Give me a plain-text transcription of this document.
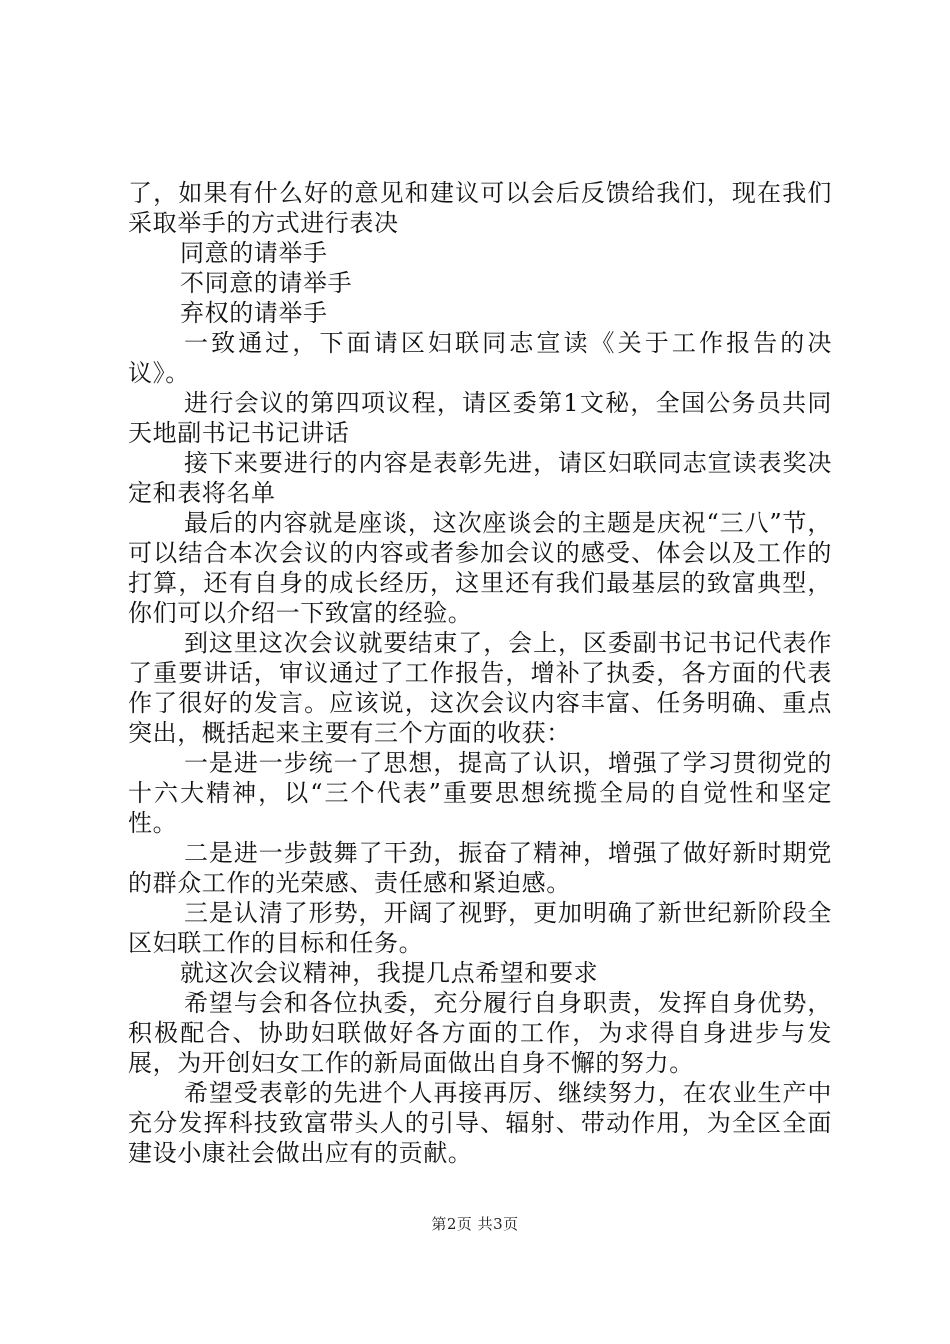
了，如果有什么好的意见和建议可以会后反馈给我们，现在我们采取举手的方式进行表决

同意的请举手

不同意的请举手

弃权的请举手

一致通过，下面请区妇联同志宣读《关于工作报告的决议》。

进行会议的第四项议程，请区委第1文秘，全国公务员共同天地副书记书记讲话

接下来要进行的内容是表彰先进，请区妇联同志宣读表奖决定和表将名单

最后的内容就是座谈，这次座谈会的主题是庆祝“三八”节，可以结合本次会议的内容或者参加会议的感受、体会以及工作的打算，还有自身的成长经历，这里还有我们最基层的致富典型，你们可以介绍一下致富的经验。

到这里这次会议就要结束了，会上，区委副书记书记代表作了重要讲话，审议通过了工作报告，增补了执委，各方面的代表作了很好的发言。应该说，这次会议内容丰富、任务明确、重点突出，概括起来主要有三个方面的收获：

一是进一步统一了思想，提高了认识，增强了学习贯彻党的十六大精神，以“三个代表”重要思想统揽全局的自觉性和坚定性。

二是进一步鼓舞了干劲，振奋了精神，增强了做好新时期党的群众工作的光荣感、责任感和紧迫感。

三是认清了形势，开阔了视野，更加明确了新世纪新阶段全区妇联工作的目标和任务。

就这次会议精神，我提几点希望和要求

希望与会和各位执委，充分履行自身职责，发挥自身优势，积极配合、协助妇联做好各方面的工作，为求得自身进步与发展，为开创妇女工作的新局面做出自身不懈的努力。

希望受表彰的先进个人再接再厉、继续努力，在农业生产中充分发挥科技致富带头人的引导、辐射、带动作用，为全区全面建设小康社会做出应有的贡献。

第2页 共3页
